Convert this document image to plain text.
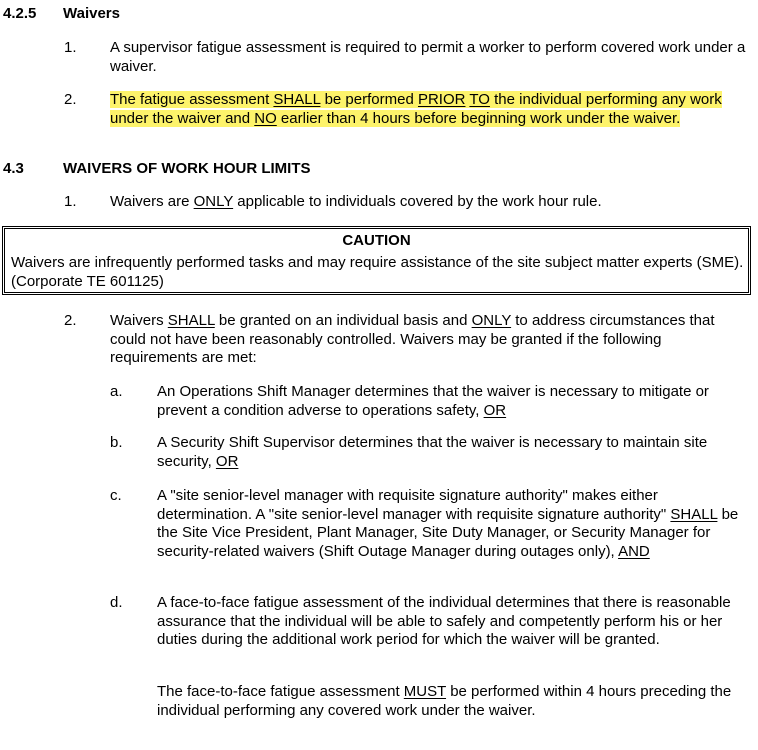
4.2.5 Waivers
1. A supervisor fatigue assessment is required to permit a worker to perform covered work under a waiver.
2. The fatigue assessment SHALL be performed PRIOR TO the individual performing any work under the waiver and NO earlier than 4 hours before beginning work under the waiver.
4.3	WAIVERS OF WORK HOUR LIMITS
1. Waivers are ONLY applicable to individuals covered by the work hour rule.
CAUTION
Waivers are infrequently performed tasks and may require assistance of the site subject matter experts (SME). (Corporate TE 601125)
2. Waivers SHALL be granted on an individual basis and ONLY to address circumstances that could not have been reasonably controlled. Waivers may be granted if the following requirements are met:
a. An Operations Shift Manager determines that the waiver is necessary to mitigate or prevent a condition adverse to operations safety, OR
b. A Security Shift Supervisor determines that the waiver is necessary to maintain site security, OR
c. A "site senior-level manager with requisite signature authority" makes either determination. A "site senior-level manager with requisite signature authority" SHALL be the Site Vice President, Plant Manager, Site Duty Manager, or Security Manager for security-related waivers (Shift Outage Manager during outages only), AND
d. A face-to-face fatigue assessment of the individual determines that there is reasonable assurance that the individual will be able to safely and competently perform his or her duties during the additional work period for which the waiver will be granted.
The face-to-face fatigue assessment MUST be performed within 4 hours preceding the individual performing any covered work under the waiver.
